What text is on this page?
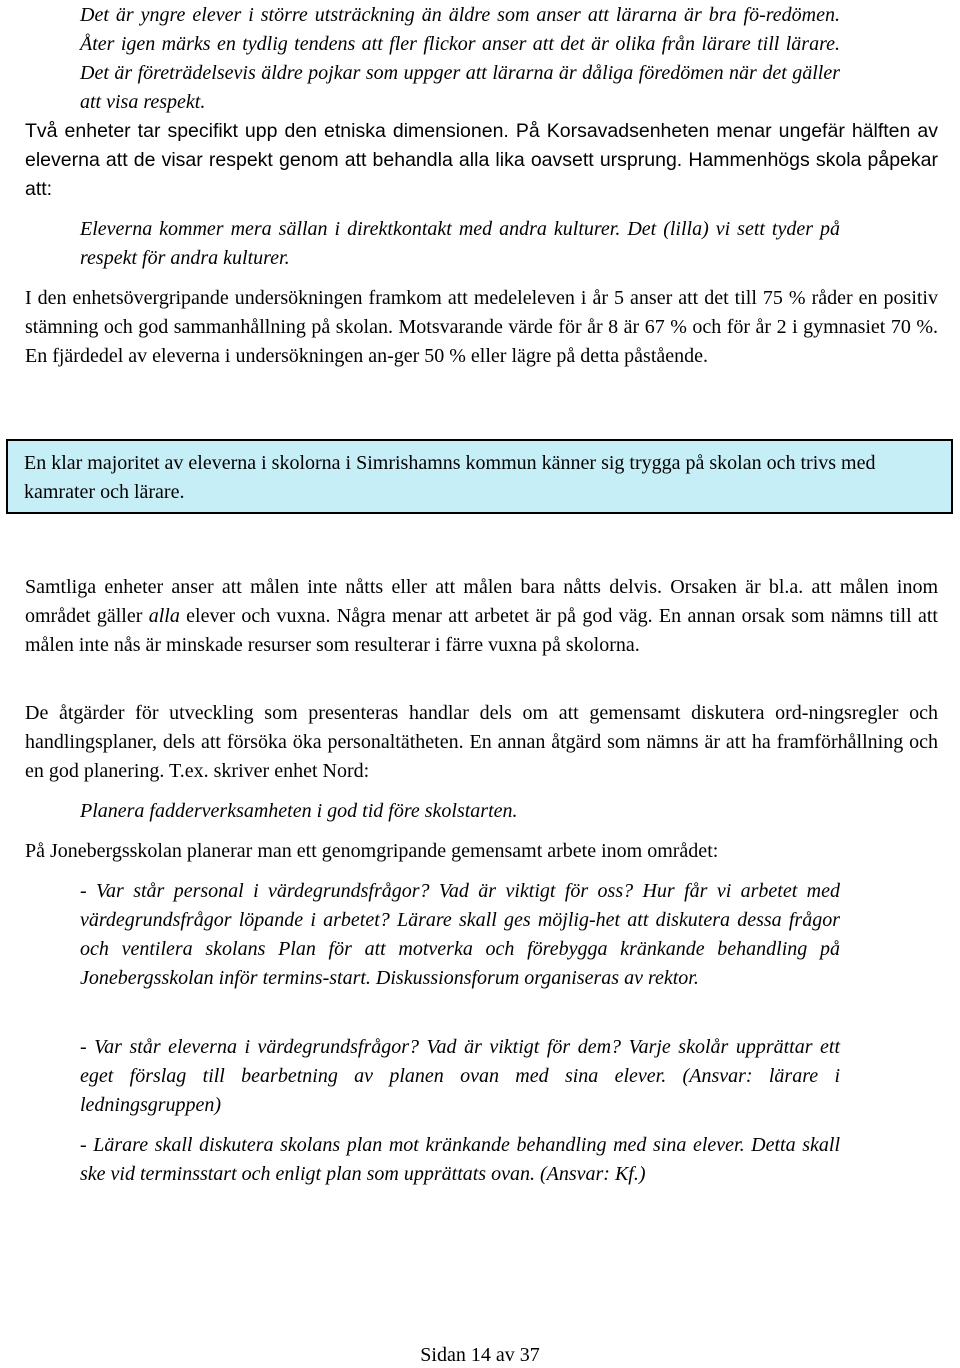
Det är yngre elever i större utsträckning än äldre som anser att lärarna är bra fö-redömen. Åter igen märks en tydlig tendens att fler flickor anser att det är olika från lärare till lärare. Det är företrädelsevis äldre pojkar som uppger att lärarna är dåliga föredömen när det gäller att visa respekt.
Två enheter tar specifikt upp den etniska dimensionen. På Korsavadsenheten menar ungefär hälften av eleverna att de visar respekt genom att behandla alla lika oavsett ursprung. Hammenhögs skola påpekar att:
Eleverna kommer mera sällan i direktkontakt med andra kulturer. Det (lilla) vi sett tyder på respekt för andra kulturer.
I den enhetsövergripande undersökningen framkom att medeleleven i år 5 anser att det till 75 % råder en positiv stämning och god sammanhållning på skolan. Motsvarande värde för år 8 är 67 % och för år 2 i gymnasiet 70 %. En fjärdedel av eleverna i undersökningen an-ger 50 % eller lägre på detta påstående.
En klar majoritet av eleverna i skolorna i Simrishamns kommun känner sig trygga på skolan och trivs med kamrater och lärare.
Samtliga enheter anser att målen inte nåtts eller att målen bara nåtts delvis. Orsaken är bl.a. att målen inom området gäller alla elever och vuxna. Några menar att arbetet är på god väg. En annan orsak som nämns till att målen inte nås är minskade resurser som resulterar i färre vuxna på skolorna.
De åtgärder för utveckling som presenteras handlar dels om att gemensamt diskutera ord-ningsregler och handlingsplaner, dels att försöka öka personaltätheten. En annan åtgärd som nämns är att ha framförhållning och en god planering. T.ex. skriver enhet Nord:
Planera fadderverksamheten i god tid före skolstarten.
På Jonebergsskolan planerar man ett genomgripande gemensamt arbete inom området:
- Var står personal i värdegrundsfrågor? Vad är viktigt för oss? Hur får vi arbetet med värdegrundsfrågor löpande i arbetet? Lärare skall ges möjlig-het att diskutera dessa frågor och ventilera skolans Plan för att motverka och förebygga kränkande behandling på Jonebergsskolan inför termins-start. Diskussionsforum organiseras av rektor.
- Var står eleverna i värdegrundsfrågor? Vad är viktigt för dem? Varje skolår upprättar ett eget förslag till bearbetning av planen ovan med sina elever. (Ansvar: lärare i ledningsgruppen)
- Lärare skall diskutera skolans plan mot kränkande behandling med sina elever. Detta skall ske vid terminsstart och enligt plan som upprättats ovan. (Ansvar: Kf.)
Sidan 14 av 37
